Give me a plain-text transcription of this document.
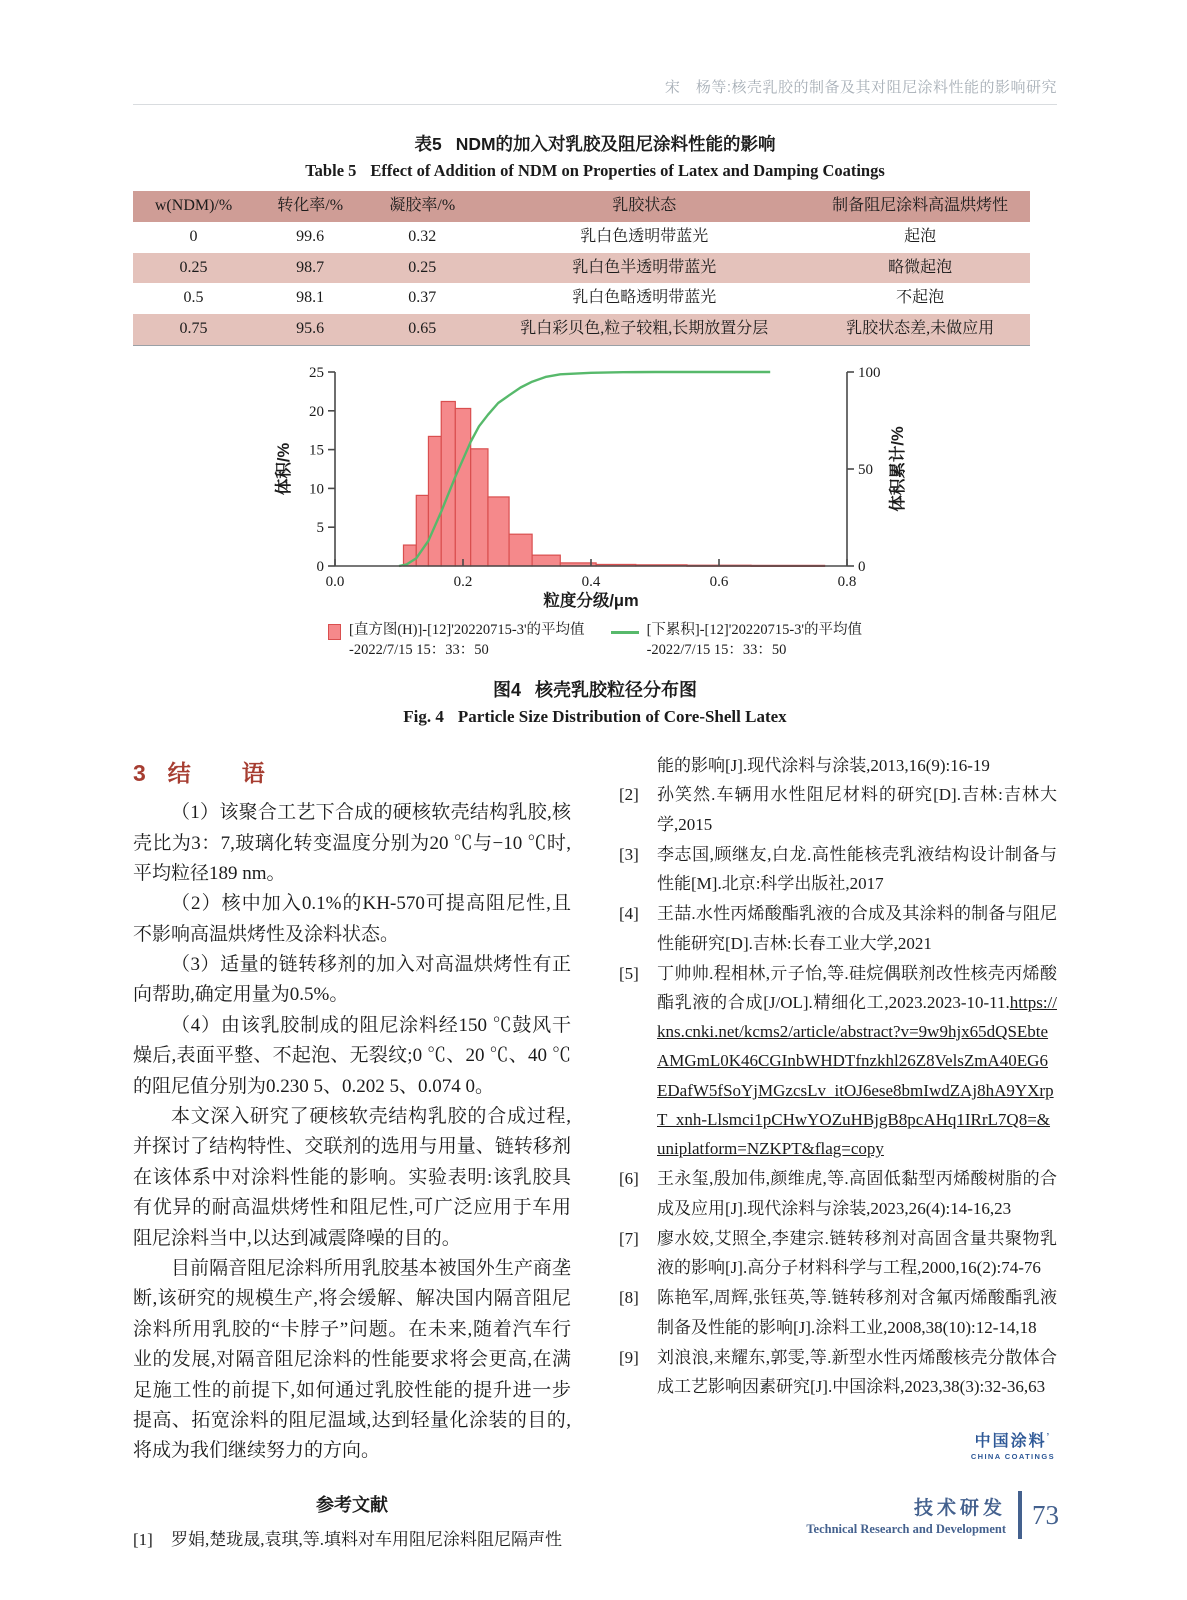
宋　杨等:核壳乳胶的制备及其对阻尼涂料性能的影响研究
表5 NDM的加入对乳胶及阻尼涂料性能的影响
Table 5 Effect of Addition of NDM on Properties of Latex and Damping Coatings
w(NDM)/%	转化率/%	凝胶率/%	乳胶状态	制备阻尼涂料高温烘烤性
0	99.6	0.32	乳白色透明带蓝光	起泡
0.25	98.7	0.25	乳白色半透明带蓝光	略微起泡
0.5	98.1	0.37	乳白色略透明带蓝光	不起泡
0.75	95.6	0.65	乳白彩贝色,粒子较粗,长期放置分层	乳胶状态差,未做应用
0
5
10
15
20
25
0
50
100
0.0	0.2	0.4	0.6	0.8
粒度分级/μm
体积/%	体积累计/%
[直方图(H)]-[12]'20220715-3'的平均值
-2022/7/15 15：33：50
[下累积]-[12]'20220715-3'的平均值
-2022/7/15 15：33：50
图4 核壳乳胶粒径分布图
Fig. 4 Particle Size Distribution of Core-Shell Latex
3 结　语

（1）该聚合工艺下合成的硬核软壳结构乳胶,核壳比为3：7,玻璃化转变温度分别为20 ℃与−10 ℃时,平均粒径189 nm。

（2）核中加入0.1%的KH-570可提高阻尼性,且不影响高温烘烤性及涂料状态。

（3）适量的链转移剂的加入对高温烘烤性有正向帮助,确定用量为0.5%。

（4）由该乳胶制成的阻尼涂料经150 ℃鼓风干燥后,表面平整、不起泡、无裂纹;0 ℃、20 ℃、40 ℃的阻尼值分别为0.230 5、0.202 5、0.074 0。

本文深入研究了硬核软壳结构乳胶的合成过程,并探讨了结构特性、交联剂的选用与用量、链转移剂在该体系中对涂料性能的影响。实验表明:该乳胶具有优异的耐高温烘烤性和阻尼性,可广泛应用于车用阻尼涂料当中,以达到减震降噪的目的。

目前隔音阻尼涂料所用乳胶基本被国外生产商垄断,该研究的规模生产,将会缓解、解决国内隔音阻尼涂料所用乳胶的“卡脖子”问题。在未来,随着汽车行业的发展,对隔音阻尼涂料的性能要求将会更高,在满足施工性的前提下,如何通过乳胶性能的提升进一步提高、拓宽涂料的阻尼温域,达到轻量化涂装的目的,将成为我们继续努力的方向。

参考文献
[1]	罗娟,楚珑晟,袁琪,等.填料对车用阻尼涂料阻尼隔声性
能的影响[J].现代涂料与涂装,2013,16(9):16-19
[2]	孙笑然.车辆用水性阻尼材料的研究[D].吉林:吉林大学,2015
[3]	李志国,顾继友,白龙.高性能核壳乳液结构设计制备与性能[M].北京:科学出版社,2017
[4]	王喆.水性丙烯酸酯乳液的合成及其涂料的制备与阻尼性能研究[D].吉林:长春工业大学,2021
[5]	丁帅帅.程相林,亓子怡,等.硅烷偶联剂改性核壳丙烯酸酯乳液的合成[J/OL].精细化工,2023.2023-10-11.https://kns.cnki.net/kcms2/article/abstract?v=9w9hjx65dQSEbteAMGmL0K46CGInbWHDTfnzkhl26Z8VelsZmA40EG6EDafW5fSoYjMGzcsLv_itOJ6ese8bmIwdZAj8hA9YXrpT_xnh-Llsmci1pCHwYOZuHBjgB8pcAHq1IRrL7Q8=&uniplatform=NZKPT&flag=copy
[6]	王永玺,殷加伟,颜维虎,等.高固低黏型丙烯酸树脂的合成及应用[J].现代涂料与涂装,2023,26(4):14-16,23
[7]	廖水姣,艾照全,李建宗.链转移剂对高固含量共聚物乳液的影响[J].高分子材料科学与工程,2000,16(2):74-76
[8]	陈艳军,周辉,张钰英,等.链转移剂对含氟丙烯酸酯乳液制备及性能的影响[J].涂料工业,2008,38(10):12-14,18
[9]	刘浪浪,来耀东,郭雯,等.新型水性丙烯酸核壳分散体合成工艺影响因素研究[J].中国涂料,2023,38(3):32-36,63
中国涂料’
CHINA COATINGS
技术研发
Technical Research and Development 73
